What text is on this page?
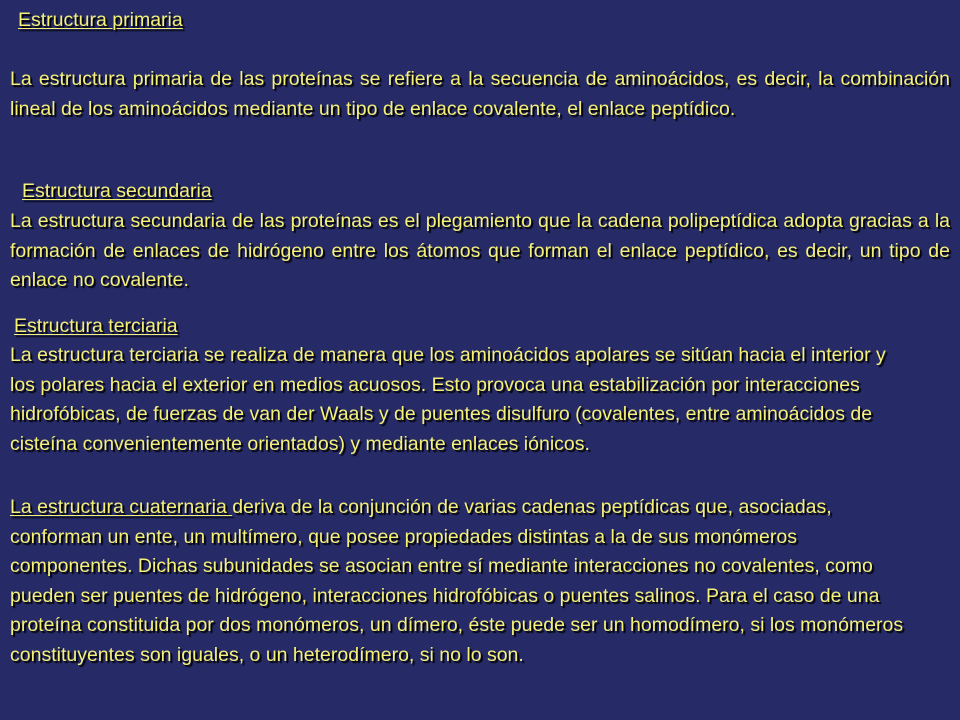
Estructura primaria

La estructura primaria de las proteínas se refiere a la secuencia de aminoácidos, es decir, la combinación lineal de los aminoácidos mediante un tipo de enlace covalente, el enlace peptídico.

Estructura secundaria

La estructura secundaria de las proteínas es el plegamiento que la cadena polipeptídica adopta gracias a la formación de enlaces de hidrógeno entre los átomos que forman el enlace peptídico, es decir, un tipo de enlace no covalente.

Estructura terciaria

La estructura terciaria se realiza de manera que los aminoácidos apolares se sitúan hacia el interior y los polares hacia el exterior en medios acuosos. Esto provoca una estabilización por interacciones hidrofóbicas, de fuerzas de van der Waals y de puentes disulfuro (covalentes, entre aminoácidos de cisteína convenientemente orientados) y mediante enlaces iónicos.

La estructura cuaternaria deriva de la conjunción de varias cadenas peptídicas que, asociadas, conforman un ente, un multímero, que posee propiedades distintas a la de sus monómeros componentes. Dichas subunidades se asocian entre sí mediante interacciones no covalentes, como pueden ser puentes de hidrógeno, interacciones hidrofóbicas o puentes salinos. Para el caso de una proteína constituida por dos monómeros, un dímero, éste puede ser un homodímero, si los monómeros constituyentes son iguales, o un heterodímero, si no lo son.
